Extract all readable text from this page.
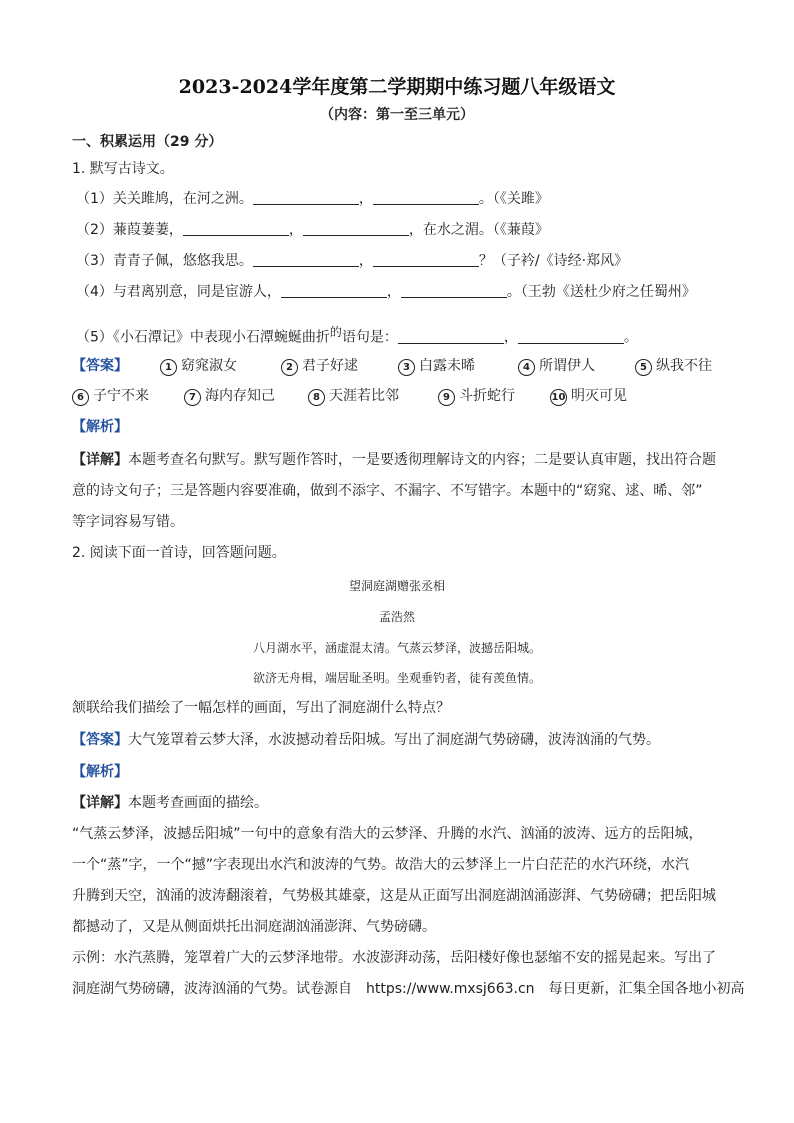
2023-2024学年度第二学期期中练习题八年级语文
（内容：第一至三单元）
一、积累运用（29 分）
1. 默写古诗文。
（1）关关雎鸠，在河之洲。	，	。（《关雎》
（2）蒹葭萋萋，	，	，在水之湄。（《蒹葭》
（3）青青子佩，悠悠我思。	，	？（子衿/《诗经·郑风》
（4）与君离别意，同是宦游人，	，	。（王勃《送杜少府之任蜀州》
（5）《小石潭记》中表现小石潭蜿蜒曲折$^的$语句是：	，	。
【答案】	1 窈窕淑女	2 君子好逑	3 白露未晞	4 所谓伊人	5 纵我不往
6 子宁不来	7 海内存知己	8 天涯若比邻	9 斗折蛇行	10 明灭可见
【解析】
【详解】本题考查名句默写。默写题作答时，一是要透彻理解诗文的内容；二是要认真审题，找出符合题
意的诗文句子；三是答题内容要准确，做到不添字、不漏字、不写错字。本题中的“窈窕、逑、晞、邻”
等字词容易写错。
2. 阅读下面一首诗，回答题问题。
望洞庭湖赠张丞相
孟浩然
八月湖水平，涵虚混太清。气蒸云梦泽，波撼岳阳城。
欲济无舟楫，端居耻圣明。坐观垂钓者，徒有羡鱼情。
颔联给我们描绘了一幅怎样的画面，写出了洞庭湖什么特点？
【答案】大气笼罩着云梦大泽，水波撼动着岳阳城。写出了洞庭湖气势磅礴，波涛汹涌的气势。
【解析】
【详解】本题考查画面的描绘。
“气蒸云梦泽，波撼岳阳城”一句中的意象有浩大的云梦泽、升腾的水汽、汹涌的波涛、远方的岳阳城，
一个“蒸”字，一个“撼”字表现出水汽和波涛的气势。故浩大的云梦泽上一片白茫茫的水汽环绕，水汽
升腾到天空，汹涌的波涛翻滚着，气势极其雄豪，这是从正面写出洞庭湖汹涌澎湃、气势磅礴；把岳阳城
都撼动了，又是从侧面烘托出洞庭湖汹涌澎湃、气势磅礴。
示例：水汽蒸腾，笼罩着广大的云梦泽地带。水波澎湃动荡，岳阳楼好像也瑟缩不安的摇晃起来。写出了
洞庭湖气势磅礴，波涛汹涌的气势。试卷源自　https://www.mxsj663.cn　每日更新，汇集全国各地小初高
